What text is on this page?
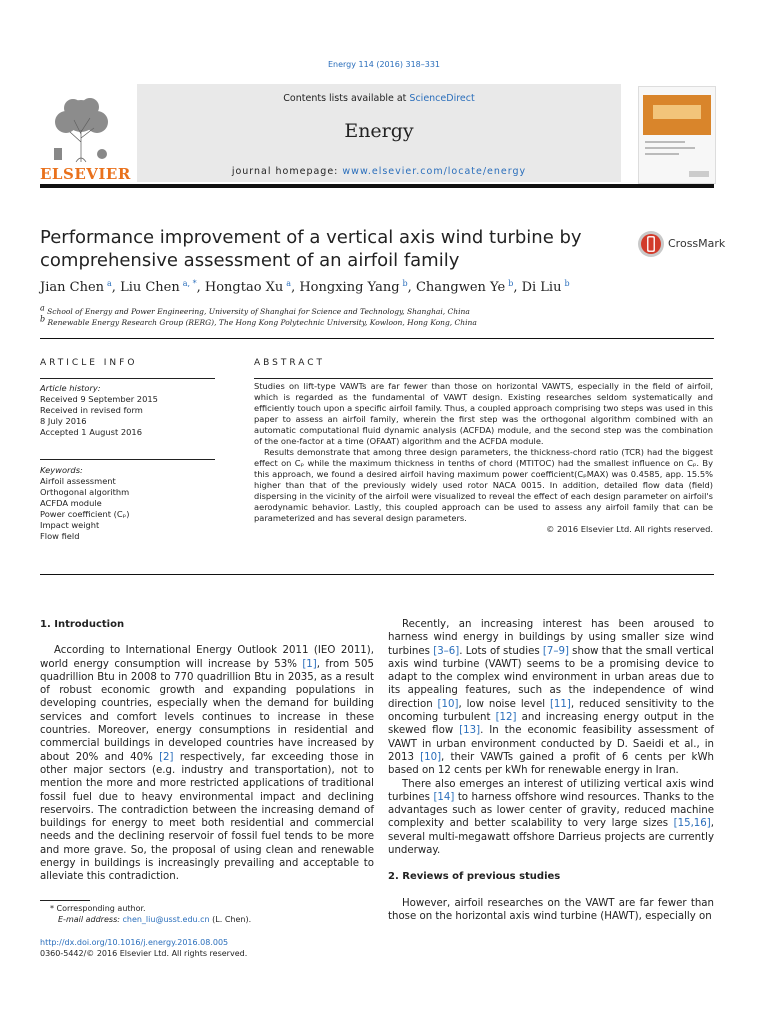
Energy 114 (2016) 318–331
ELSEVIER
Contents lists available at ScienceDirect
Energy
journal homepage: www.elsevier.com/locate/energy
Performance improvement of a vertical axis wind turbine by comprehensive assessment of an airfoil family
CrossMark
Jian Chen $^a$, Liu Chen $^{a, *}$, Hongtao Xu $^a$, Hongxing Yang $^b$, Changwen Ye $^b$, Di Liu $^b$
a School of Energy and Power Engineering, University of Shanghai for Science and Technology, Shanghai, China
b Renewable Energy Research Group (RERG), The Hong Kong Polytechnic University, Kowloon, Hong Kong, China
ARTICLE INFO
Article history:
Received 9 September 2015
Received in revised form
8 July 2016
Accepted 1 August 2016
Keywords:
Airfoil assessment
Orthogonal algorithm
ACFDA module
Power coefficient (Cₚ)
Impact weight
Flow field
ABSTRACT

Studies on lift-type VAWTs are far fewer than those on horizontal VAWTS, especially in the field of airfoil, which is regarded as the fundamental of VAWT design. Existing researches seldom systematically and efficiently touch upon a specific airfoil family. Thus, a coupled approach comprising two steps was used in this paper to assess an airfoil family, wherein the first step was the orthogonal algorithm combined with an automatic computational fluid dynamic analysis (ACFDA) module, and the second step was the combination of the one-factor at a time (OFAAT) algorithm and the ACFDA module.

Results demonstrate that among three design parameters, the thickness-chord ratio (TCR) had the biggest effect on Cₚ while the maximum thickness in tenths of chord (MTITOC) had the smallest influence on Cₚ. By this approach, we found a desired airfoil having maximum power coefficient(CₚMAX) was 0.4585, app. 15.5% higher than that of the previously widely used rotor NACA 0015. In addition, detailed flow data (field) dispersing in the vicinity of the airfoil were visualized to reveal the effect of each design parameter on airfoil's aerodynamic behavior. Lastly, this coupled approach can be used to assess any airfoil family that can be parameterized and has several design parameters.

© 2016 Elsevier Ltd. All rights reserved.
1. Introduction

According to International Energy Outlook 2011 (IEO 2011), world energy consumption will increase by 53% [1], from 505 quadrillion Btu in 2008 to 770 quadrillion Btu in 2035, as a result of robust economic growth and expanding populations in developing countries, especially when the demand for building services and comfort levels continues to increase in these countries. Moreover, energy consumptions in residential and commercial buildings in developed countries have increased by about 20% and 40% [2] respectively, far exceeding those in other major sectors (e.g. industry and transportation), not to mention the more and more restricted applications of traditional fossil fuel due to heavy environmental impact and declining reservoirs. The contradiction between the increasing demand of buildings for energy to meet both residential and commercial needs and the declining reservoir of fossil fuel tends to be more and more grave. So, the proposal of using clean and renewable energy in buildings is increasingly prevailing and acceptable to alleviate this contradiction.

Recently, an increasing interest has been aroused to harness wind energy in buildings by using smaller size wind turbines [3–6]. Lots of studies [7–9] show that the small vertical axis wind turbine (VAWT) seems to be a promising device to adapt to the complex wind environment in urban areas due to its appealing features, such as the independence of wind direction [10], low noise level [11], reduced sensitivity to the oncoming turbulent [12] and increasing energy output in the skewed flow [13]. In the economic feasibility assessment of VAWT in urban environment conducted by D. Saeidi et al., in 2013 [10], their VAWTs gained a profit of 6 cents per kWh based on 12 cents per kWh for renewable energy in Iran.

There also emerges an interest of utilizing vertical axis wind turbines [14] to harness offshore wind resources. Thanks to the advantages such as lower center of gravity, reduced machine complexity and better scalability to very large sizes [15,16], several multi-megawatt offshore Darrieus projects are currently underway.

2. Reviews of previous studies

However, airfoil researches on the VAWT are far fewer than those on the horizontal axis wind turbine (HAWT), especially on

* Corresponding author.
E-mail address: chen_liu@usst.edu.cn (L. Chen).
http://dx.doi.org/10.1016/j.energy.2016.08.005
0360-5442/© 2016 Elsevier Ltd. All rights reserved.
